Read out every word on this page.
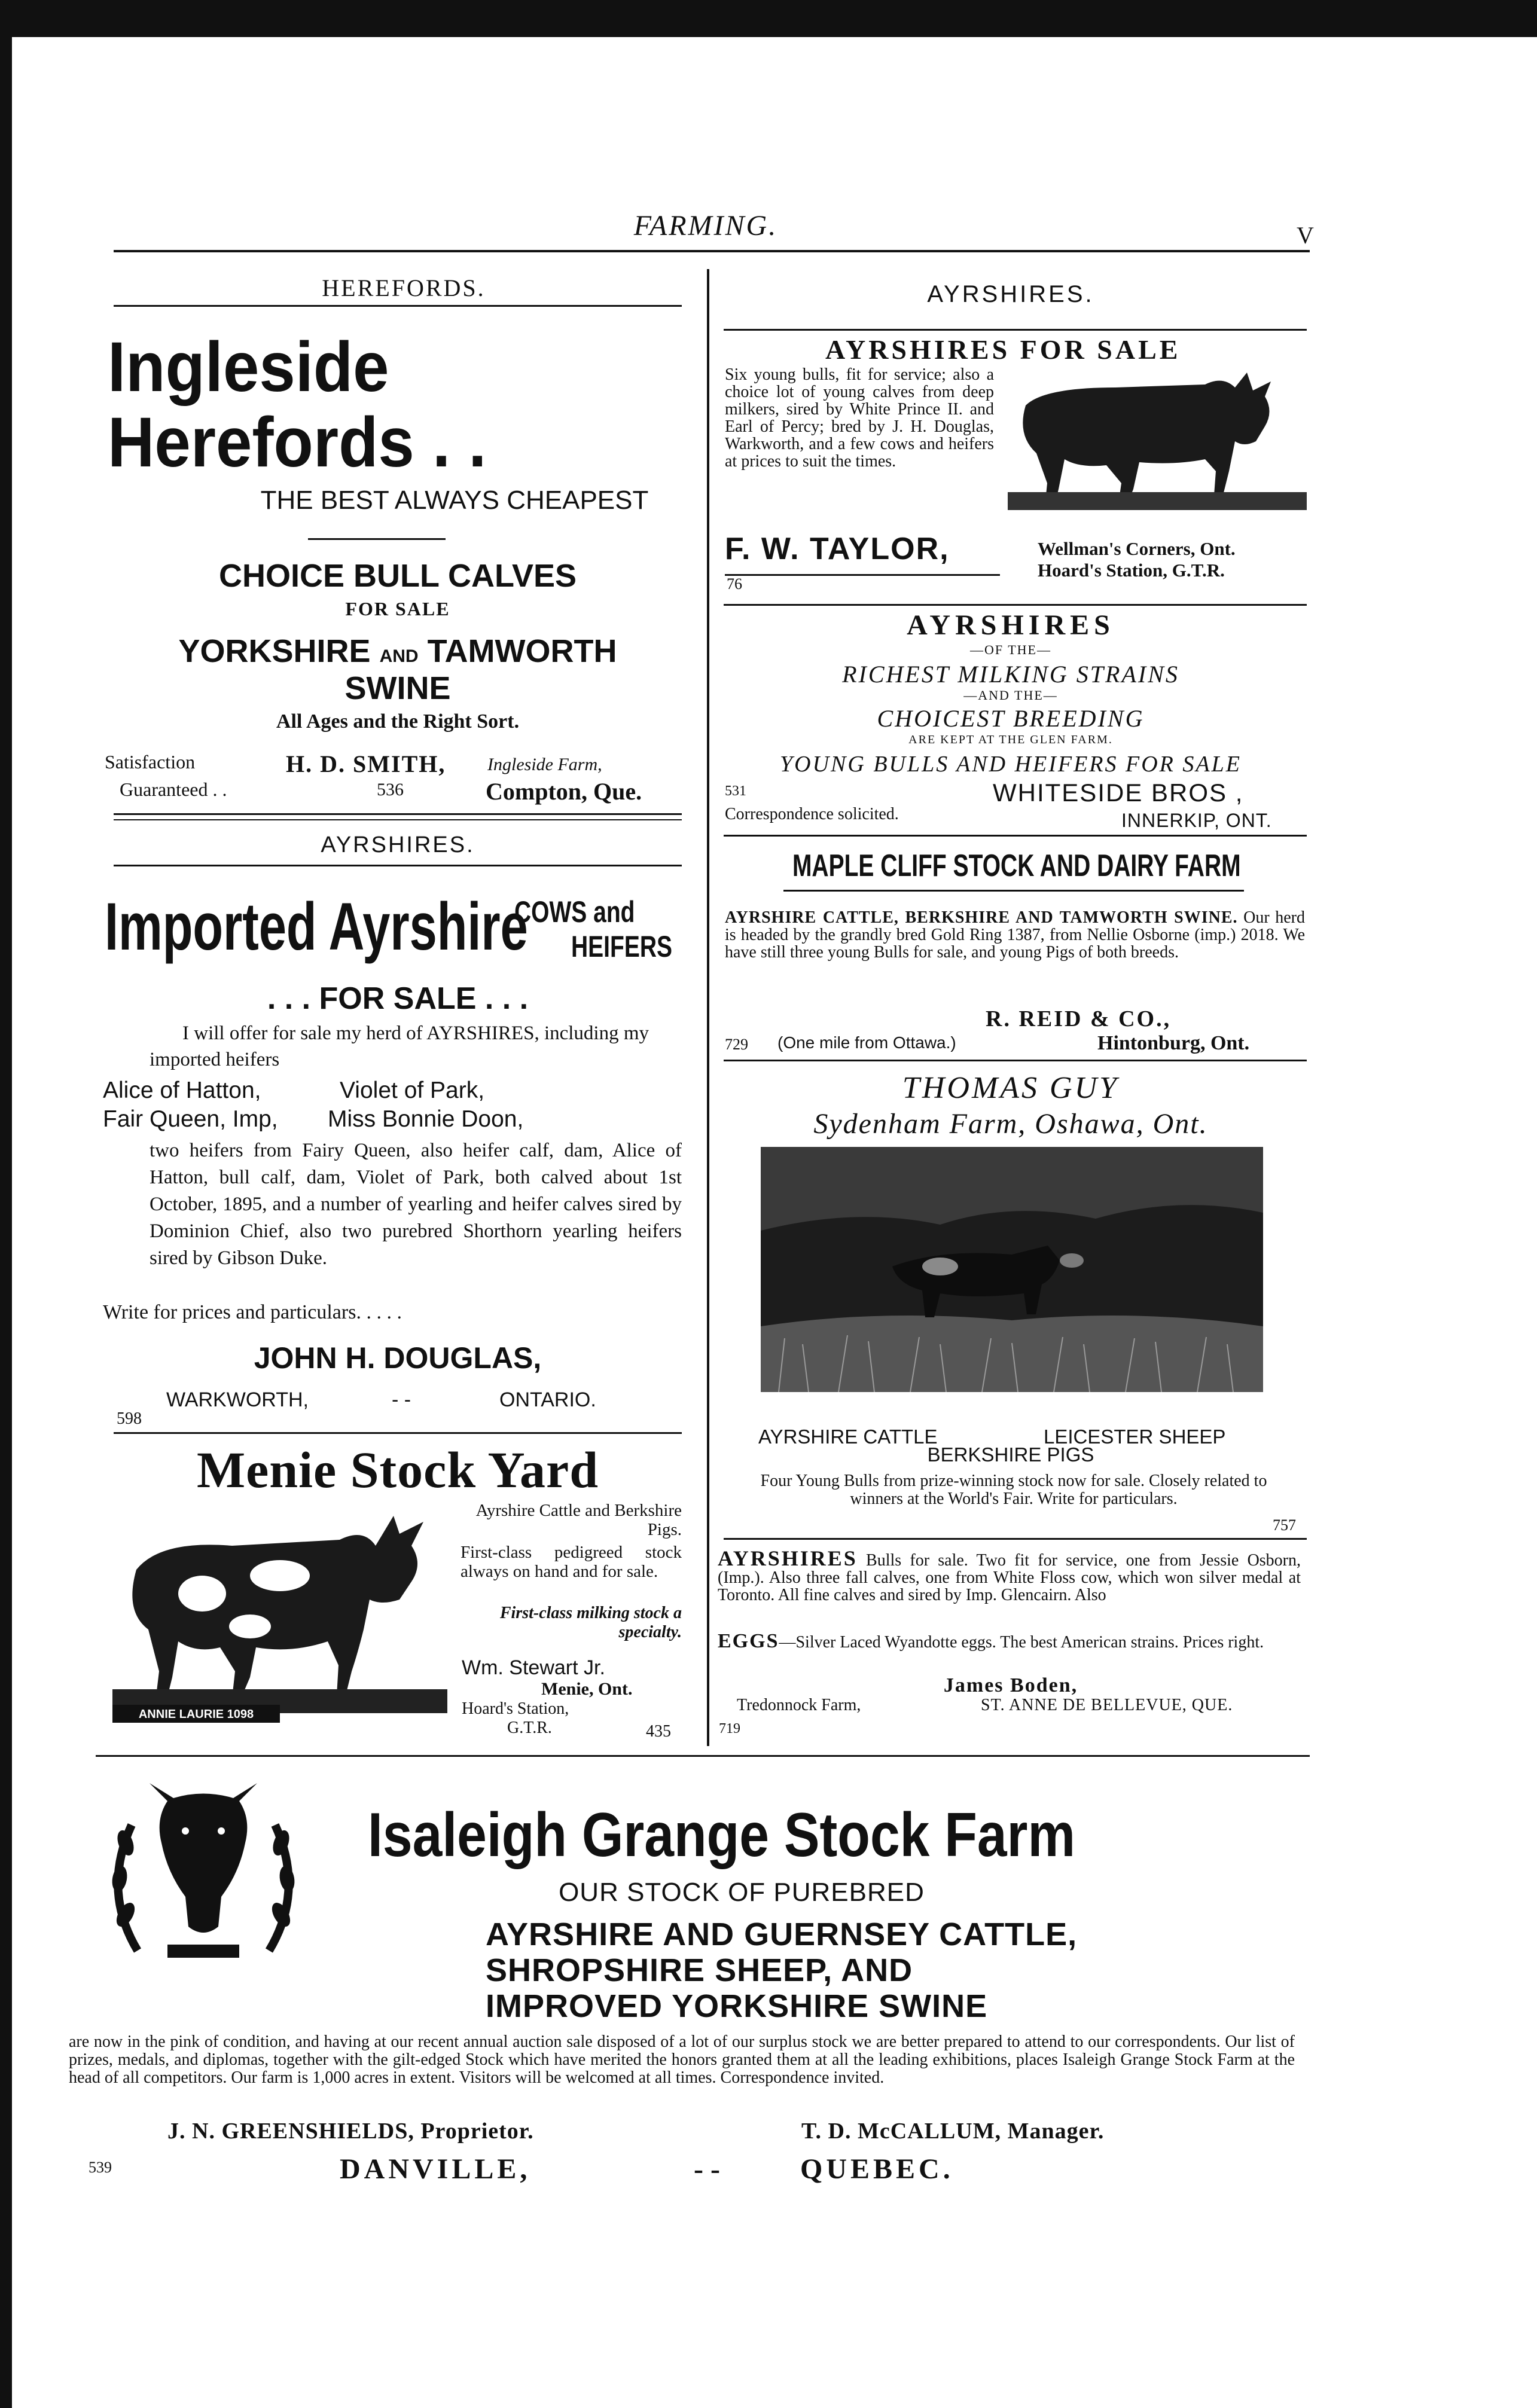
FARMING.	V
HEREFORDS.
Ingleside
Herefords . .
THE BEST ALWAYS CHEAPEST
CHOICE BULL CALVES
FOR SALE
YORKSHIRE AND TAMWORTH
SWINE
All Ages and the Right Sort.
Satisfaction
Guaranteed . .
H. D. SMITH, Ingleside Farm,
536	Compton, Que.
AYRSHIRES.
Imported Ayrshire
COWS and
HEIFERS
. . . FOR SALE . . .
I will offer for sale my herd of AYRSHIRES, including my imported heifers
Alice of Hatton,	Violet of Park,
Fair Queen, Imp, Miss Bonnie Doon,
two heifers from Fairy Queen, also heifer calf, dam, Alice of Hatton, bull calf, dam, Violet of Park, both calved about 1st October, 1895, and a number of yearling and heifer calves sired by Dominion Chief, also two purebred Shorthorn yearling heifers sired by Gibson Duke.
Write for prices and particulars. . . . .
JOHN H. DOUGLAS,
WARKWORTH,	- -	ONTARIO.
598
Menie Stock Yard
ANNIE LAURIE 1098
Ayrshire Cattle and Berkshire Pigs.
First-class pedigreed stock always on hand and for sale.
First-class milking stock a specialty.
Wm. Stewart Jr.
Menie, Ont.
Hoard's Station,
G.T.R.	435
AYRSHIRES.
AYRSHIRES FOR SALE
Six young bulls, fit for service; also a choice lot of young calves from deep milkers, sired by White Prince II. and Earl of Percy; bred by J. H. Douglas, Warkworth, and a few cows and heifers at prices to suit the times.
F. W. TAYLOR,	Wellman's Corners, Ont.
Hoard's Station, G.T.R.
76
AYRSHIRES
—OF THE—
RICHEST MILKING STRAINS
—AND THE—
CHOICEST BREEDING
ARE KEPT AT THE GLEN FARM.
YOUNG BULLS AND HEIFERS FOR SALE
531	WHITESIDE BROS ,
Correspondence solicited.	INNERKIP, ONT.
MAPLE CLIFF STOCK AND DAIRY FARM
AYRSHIRE CATTLE, BERKSHIRE AND TAMWORTH SWINE. Our herd is headed by the grandly bred Gold Ring 1387, from Nellie Osborne (imp.) 2018. We have still three young Bulls for sale, and young Pigs of both breeds.
R. REID & CO.,
729 (One mile from Ottawa.)	Hintonburg, Ont.
THOMAS GUY
Sydenham Farm, Oshawa, Ont.
AYRSHIRE CATTLE	LEICESTER SHEEP
BERKSHIRE PIGS
Four Young Bulls from prize-winning stock now for sale. Closely related to winners at the World's Fair. Write for particulars.
757
AYRSHIRES Bulls for sale. Two fit for service, one from Jessie Osborn, (Imp.). Also three fall calves, one from White Floss cow, which won silver medal at Toronto. All fine calves and sired by Imp. Glencairn. Also
EGGS—Silver Laced Wyandotte eggs. The best American strains. Prices right.
James Boden,
Tredonnock Farm,	ST. ANNE DE BELLEVUE, QUE.
719
Isaleigh Grange Stock Farm
OUR STOCK OF PUREBRED
AYRSHIRE AND GUERNSEY CATTLE,
SHROPSHIRE SHEEP, AND
IMPROVED YORKSHIRE SWINE
are now in the pink of condition, and having at our recent annual auction sale disposed of a lot of our surplus stock we are better prepared to attend to our correspondents. Our list of prizes, medals, and diplomas, together with the gilt-edged Stock which have merited the honors granted them at all the leading exhibitions, places Isaleigh Grange Stock Farm at the head of all competitors. Our farm is 1,000 acres in extent. Visitors will be welcomed at all times. Correspondence invited.
J. N. GREENSHIELDS, Proprietor.	T. D. McCALLUM, Manager.
539	DANVILLE,	- -	QUEBEC.
